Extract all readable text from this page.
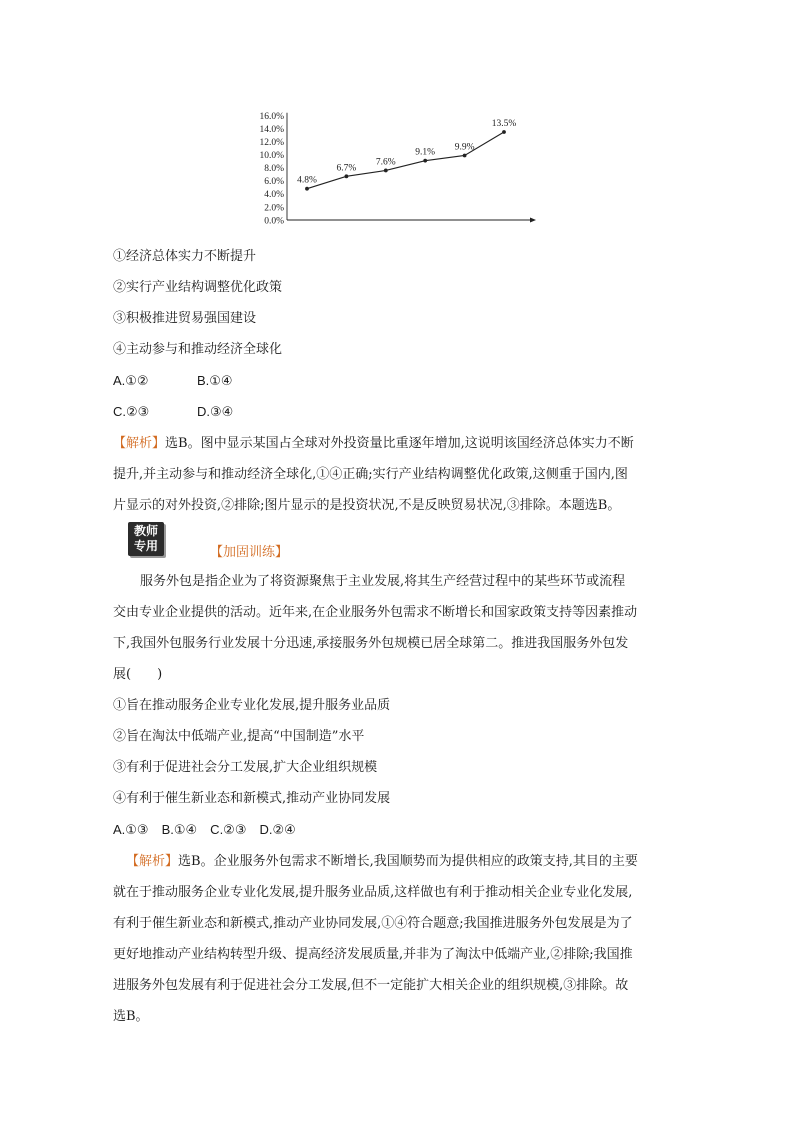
16.0%
14.0%
12.0%
10.0%
8.0%
6.0%
4.0%
2.0%
0.0%
4.8%
6.7%
7.6%
9.1%
9.9%
13.5%
①经济总体实力不断提升
②实行产业结构调整优化政策
③积极推进贸易强国建设
④主动参与和推动经济全球化
A.①②	B.①④
C.②③	D.③④
【解析】选B。图中显示某国占全球对外投资量比重逐年增加,这说明该国经济总体实力不断
提升,并主动参与和推动经济全球化,①④正确;实行产业结构调整优化政策,这侧重于国内,图
片显示的对外投资,②排除;图片显示的是投资状况,不是反映贸易状况,③排除。本题选B。
教师
专用	【加固训练】
服务外包是指企业为了将资源聚焦于主业发展,将其生产经营过程中的某些环节或流程
交由专业企业提供的活动。近年来,在企业服务外包需求不断增长和国家政策支持等因素推动
下,我国外包服务行业发展十分迅速,承接服务外包规模已居全球第二。推进我国服务外包发
展(　　)
①旨在推动服务企业专业化发展,提升服务业品质
②旨在淘汰中低端产业,提高“中国制造”水平
③有利于促进社会分工发展,扩大企业组织规模
④有利于催生新业态和新模式,推动产业协同发展
A.①③　B.①④　C.②③　D.②④
【解析】选B。企业服务外包需求不断增长,我国顺势而为提供相应的政策支持,其目的主要
就在于推动服务企业专业化发展,提升服务业品质,这样做也有利于推动相关企业专业化发展,
有利于催生新业态和新模式,推动产业协同发展,①④符合题意;我国推进服务外包发展是为了
更好地推动产业结构转型升级、提高经济发展质量,并非为了淘汰中低端产业,②排除;我国推
进服务外包发展有利于促进社会分工发展,但不一定能扩大相关企业的组织规模,③排除。故
选B。
